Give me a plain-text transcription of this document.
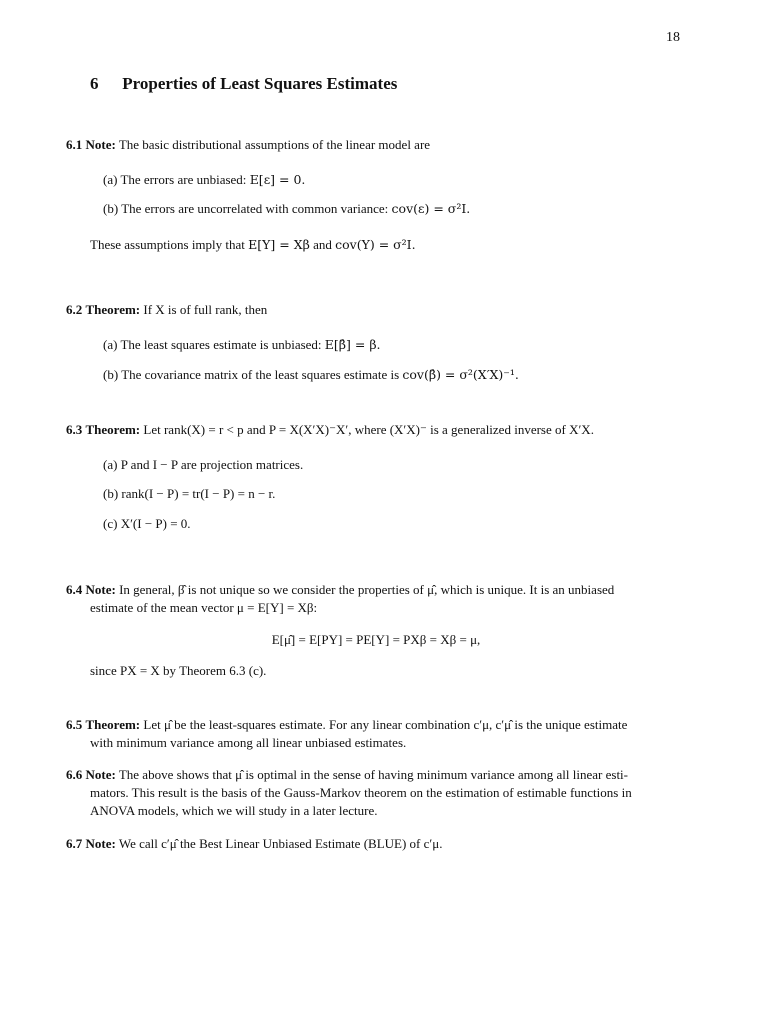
18
6 Properties of Least Squares Estimates
6.1 Note: The basic distributional assumptions of the linear model are
(a) The errors are unbiased: E[ε] = 0.
(b) The errors are uncorrelated with common variance: cov(ε) = σ²I.
These assumptions imply that E[Y] = Xβ and cov(Y) = σ²I.
6.2 Theorem: If X is of full rank, then
(a) The least squares estimate is unbiased: E[β̂] = β.
(b) The covariance matrix of the least squares estimate is cov(β̂) = σ²(X′X)⁻¹.
6.3 Theorem: Let rank(X) = r < p and P = X(X′X)⁻X′, where (X′X)⁻ is a generalized inverse of X′X.
(a) P and I − P are projection matrices.
(b) rank(I − P) = tr(I − P) = n − r.
(c) X′(I − P) = 0.
6.4 Note: In general, β̂ is not unique so we consider the properties of μ̂, which is unique. It is an unbiased
estimate of the mean vector μ = E[Y] = Xβ:
E[μ̂] = E[PY] = PE[Y] = PXβ = Xβ = μ,
since PX = X by Theorem 6.3 (c).
6.5 Theorem: Let μ̂ be the least-squares estimate. For any linear combination c′μ, c′μ̂ is the unique estimate
with minimum variance among all linear unbiased estimates.
6.6 Note: The above shows that μ̂ is optimal in the sense of having minimum variance among all linear esti-
mators. This result is the basis of the Gauss-Markov theorem on the estimation of estimable functions in
ANOVA models, which we will study in a later lecture.
6.7 Note: We call c′μ̂ the Best Linear Unbiased Estimate (BLUE) of c′μ.
